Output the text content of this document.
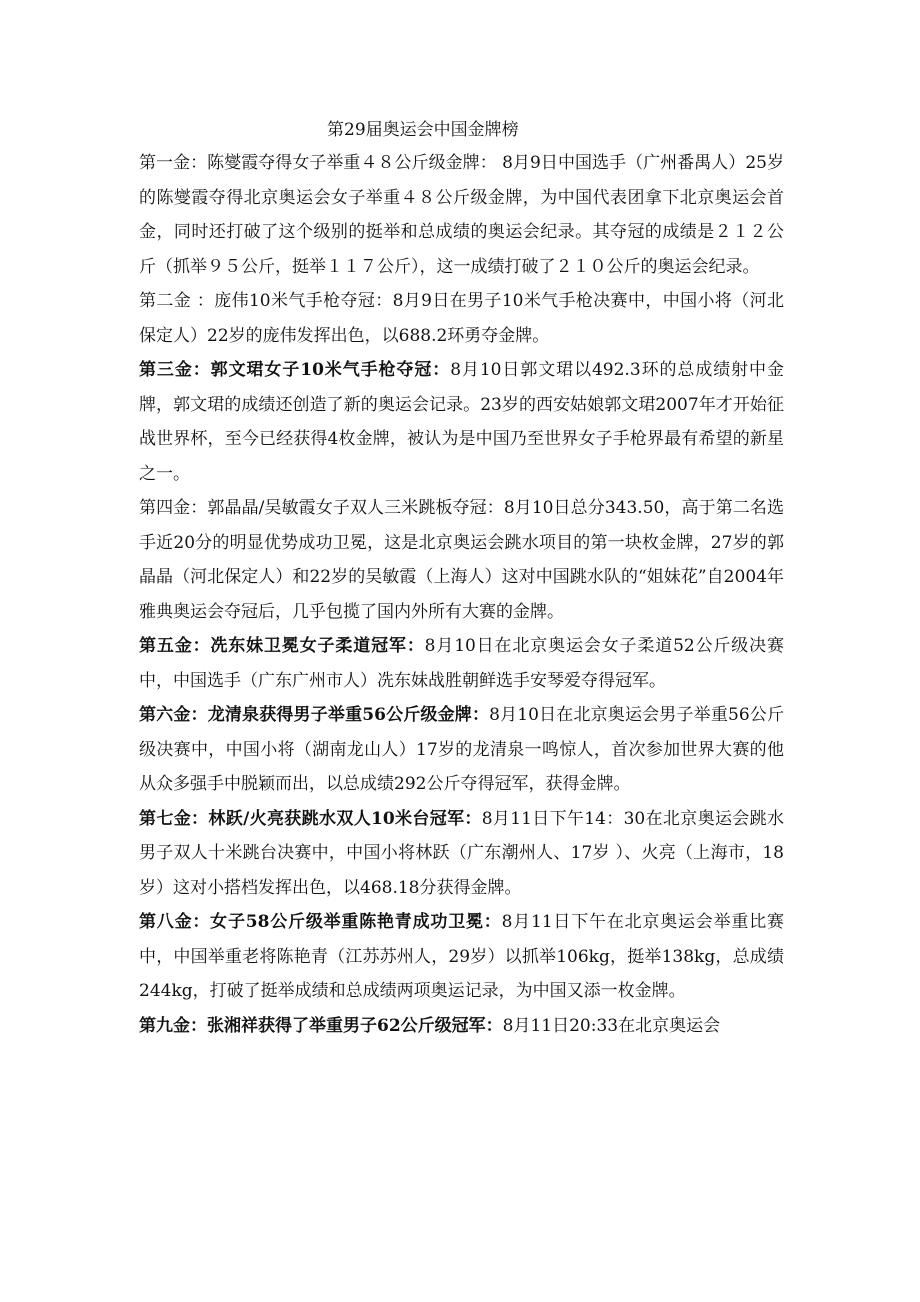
第29届奥运会中国金牌榜

第一金：陈燮霞夺得女子举重４８公斤级金牌： 8月9日中国选手（广州番禺人）25岁的陈燮霞夺得北京奥运会女子举重４８公斤级金牌，为中国代表团拿下北京奥运会首金，同时还打破了这个级别的挺举和总成绩的奥运会纪录。其夺冠的成绩是２１２公斤（抓举９５公斤，挺举１１７公斤），这一成绩打破了２１０公斤的奥运会纪录。

第二金 ：庞伟10米气手枪夺冠：8月9日在男子10米气手枪决赛中，中国小将（河北保定人）22岁的庞伟发挥出色，以688.2环勇夺金牌。

第三金：郭文珺女子10米气手枪夺冠：8月10日郭文珺以492.3环的总成绩射中金牌，郭文珺的成绩还创造了新的奥运会记录。23岁的西安姑娘郭文珺2007年才开始征战世界杯，至今已经获得4枚金牌，被认为是中国乃至世界女子手枪界最有希望的新星之一。

第四金：郭晶晶/吴敏霞女子双人三米跳板夺冠：8月10日总分343.50，高于第二名选手近20分的明显优势成功卫冕，这是北京奥运会跳水项目的第一块枚金牌，27岁的郭晶晶（河北保定人）和22岁的吴敏霞（上海人）这对中国跳水队的“姐妹花”自2004年雅典奥运会夺冠后，几乎包揽了国内外所有大赛的金牌。

第五金：冼东妹卫冕女子柔道冠军：8月10日在北京奥运会女子柔道52公斤级决赛中，中国选手（广东广州市人）冼东妹战胜朝鲜选手安琴爱夺得冠军。

第六金：龙清泉获得男子举重56公斤级金牌：8月10日在北京奥运会男子举重56公斤级决赛中，中国小将（湖南龙山人）17岁的龙清泉一鸣惊人，首次参加世界大赛的他从众多强手中脱颖而出，以总成绩292公斤夺得冠军，获得金牌。

第七金：林跃/火亮获跳水双人10米台冠军：8月11日下午14：30在北京奥运会跳水男子双人十米跳台决赛中，中国小将林跃（广东潮州人、17岁 ）、火亮（上海市，18岁）这对小搭档发挥出色，以468.18分获得金牌。

第八金：女子58公斤级举重陈艳青成功卫冕：8月11日下午在北京奥运会举重比赛中，中国举重老将陈艳青（江苏苏州人，29岁）以抓举106kg，挺举138kg，总成绩244kg，打破了挺举成绩和总成绩两项奥运记录，为中国又添一枚金牌。

第九金：张湘祥获得了举重男子62公斤级冠军：8月11日20:33在北京奥运会
